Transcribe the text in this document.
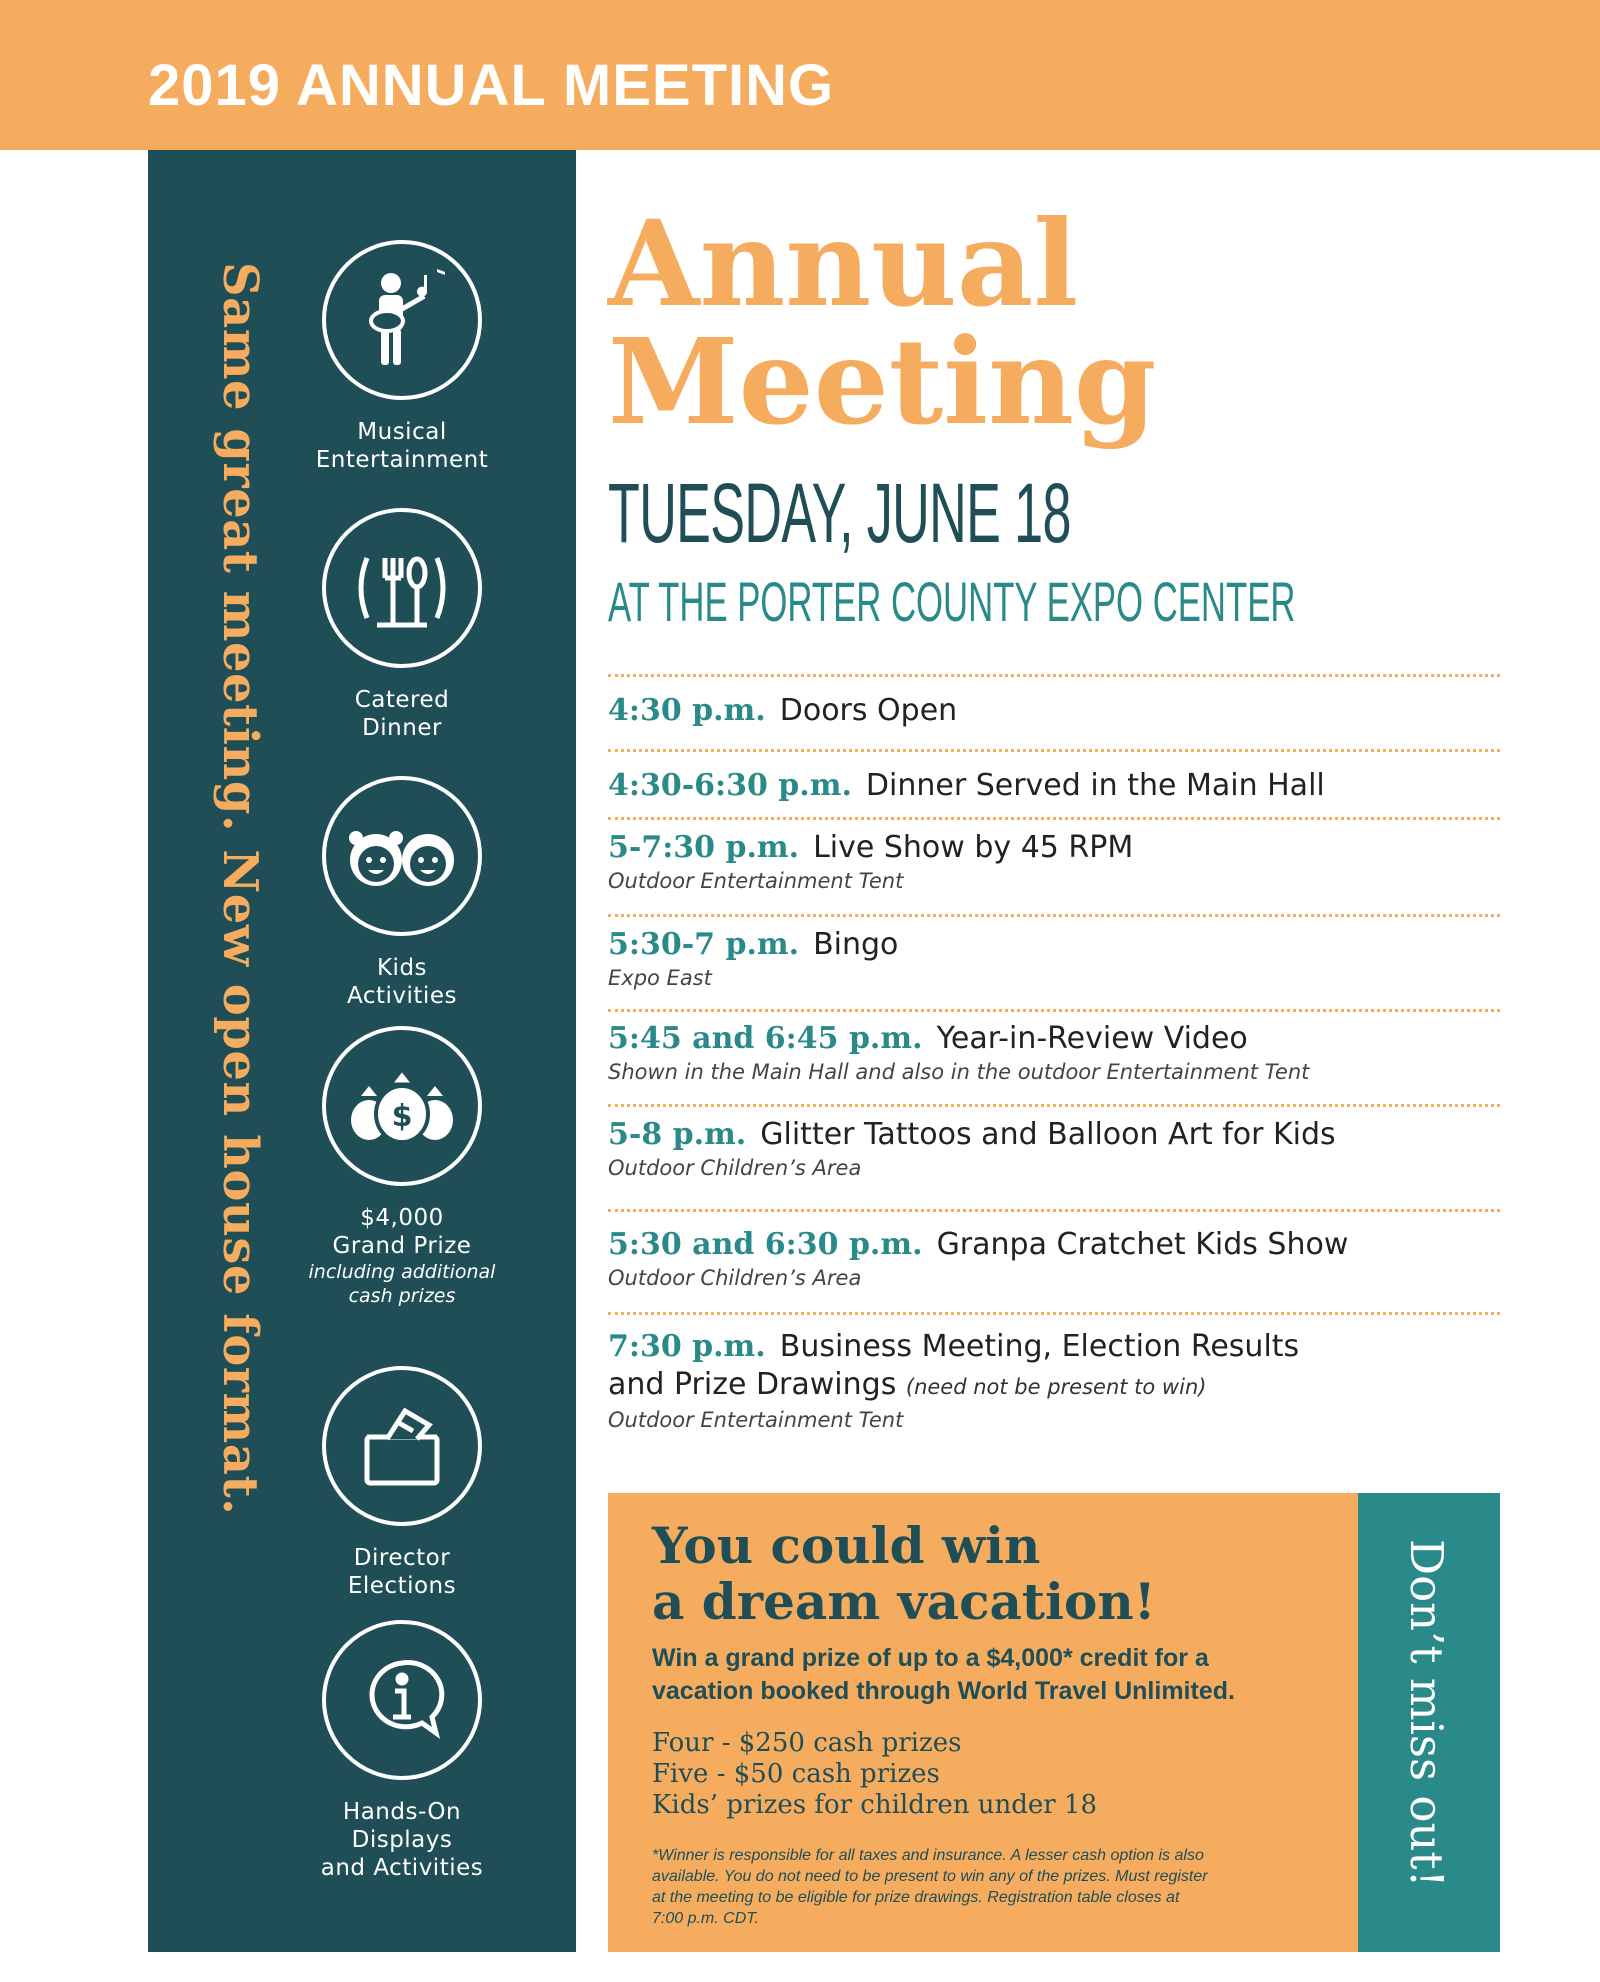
2019 ANNUAL MEETING
Same great meeting. New open house format.	Musical
Entertainment
Catered
Dinner
Kids
Activities
$
$4,000
Grand Prize
including additional
cash prizes
Director
Elections
Hands-On
Displays
and Activities
Annual
Meeting
TUESDAY, JUNE 18
AT THE PORTER COUNTY EXPO CENTER
4:30 p.m. Doors Open
4:30-6:30 p.m. Dinner Served in the Main Hall
5-7:30 p.m. Live Show by 45 RPM
Outdoor Entertainment Tent
5:30-7 p.m. Bingo
Expo East
5:45 and 6:45 p.m. Year-in-Review Video
Shown in the Main Hall and also in the outdoor Entertainment Tent
5-8 p.m. Glitter Tattoos and Balloon Art for Kids
Outdoor Children’s Area
5:30 and 6:30 p.m. Granpa Cratchet Kids Show
Outdoor Children’s Area
7:30 p.m. Business Meeting, Election Results
and Prize Drawings (need not be present to win)
Outdoor Entertainment Tent
Don’t miss out!
You could win
a dream vacation!
Win a grand prize of up to a $4,000* credit for a
vacation booked through World Travel Unlimited.
Four - $250 cash prizes
Five - $50 cash prizes
Kids’ prizes for children under 18
*Winner is responsible for all taxes and insurance. A lesser cash option is also
available. You do not need to be present to win any of the prizes. Must register
at the meeting to be eligible for prize drawings. Registration table closes at
7:00 p.m. CDT.
